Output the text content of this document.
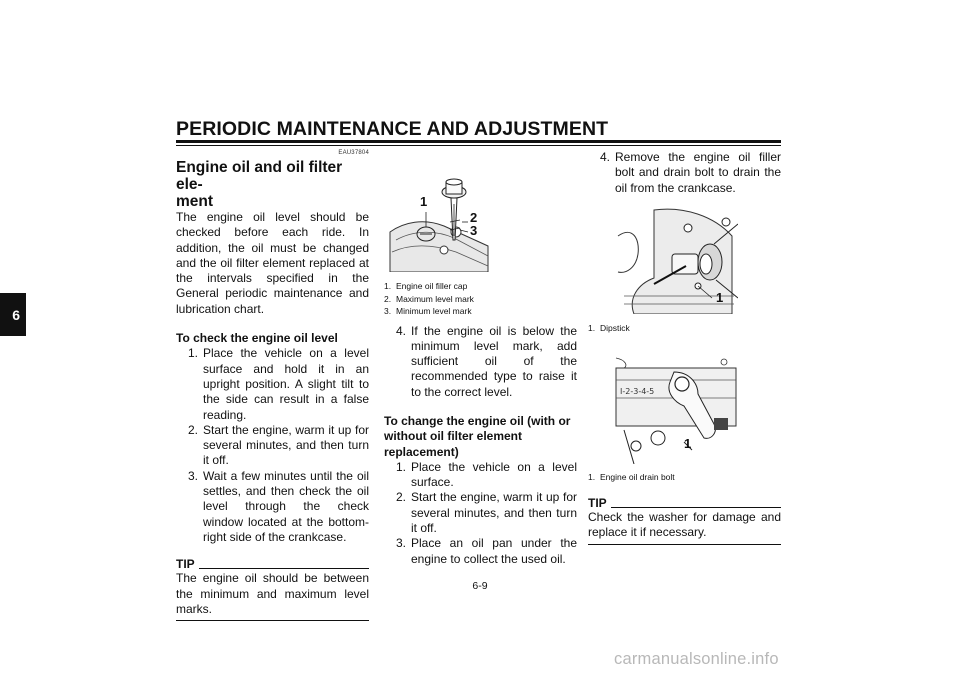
PERIODIC MAINTENANCE AND ADJUSTMENT
6
EAU37804
Engine oil and oil filter ele-
ment
The engine oil level should be checked before each ride. In addition, the oil must be changed and the oil filter element replaced at the intervals specified in the General periodic maintenance and lubrication chart.
To check the engine oil level
1. Place the vehicle on a level surface and hold it in an upright position. A slight tilt to the side can result in a false reading.
2. Start the engine, warm it up for several minutes, and then turn it off.
3. Wait a few minutes until the oil settles, and then check the oil level through the check window located at the bottom-right side of the crankcase.
TIP
The engine oil should be between the minimum and maximum level marks.
1
2
3
1. Engine oil filler cap
2. Maximum level mark
3. Minimum level mark
4. If the engine oil is below the minimum level mark, add sufficient oil of the recommended type to raise it to the correct level.
To change the engine oil (with or without oil filter element replacement)
1. Place the vehicle on a level surface.
2. Start the engine, warm it up for several minutes, and then turn it off.
3. Place an oil pan under the engine to collect the used oil.
4. Remove the engine oil filler bolt and drain bolt to drain the oil from the crankcase.
1
1. Dipstick
I-2-3-4-5
1
1. Engine oil drain bolt
TIP
Check the washer for damage and replace it if necessary.
6-9
carmanualsonline.info
